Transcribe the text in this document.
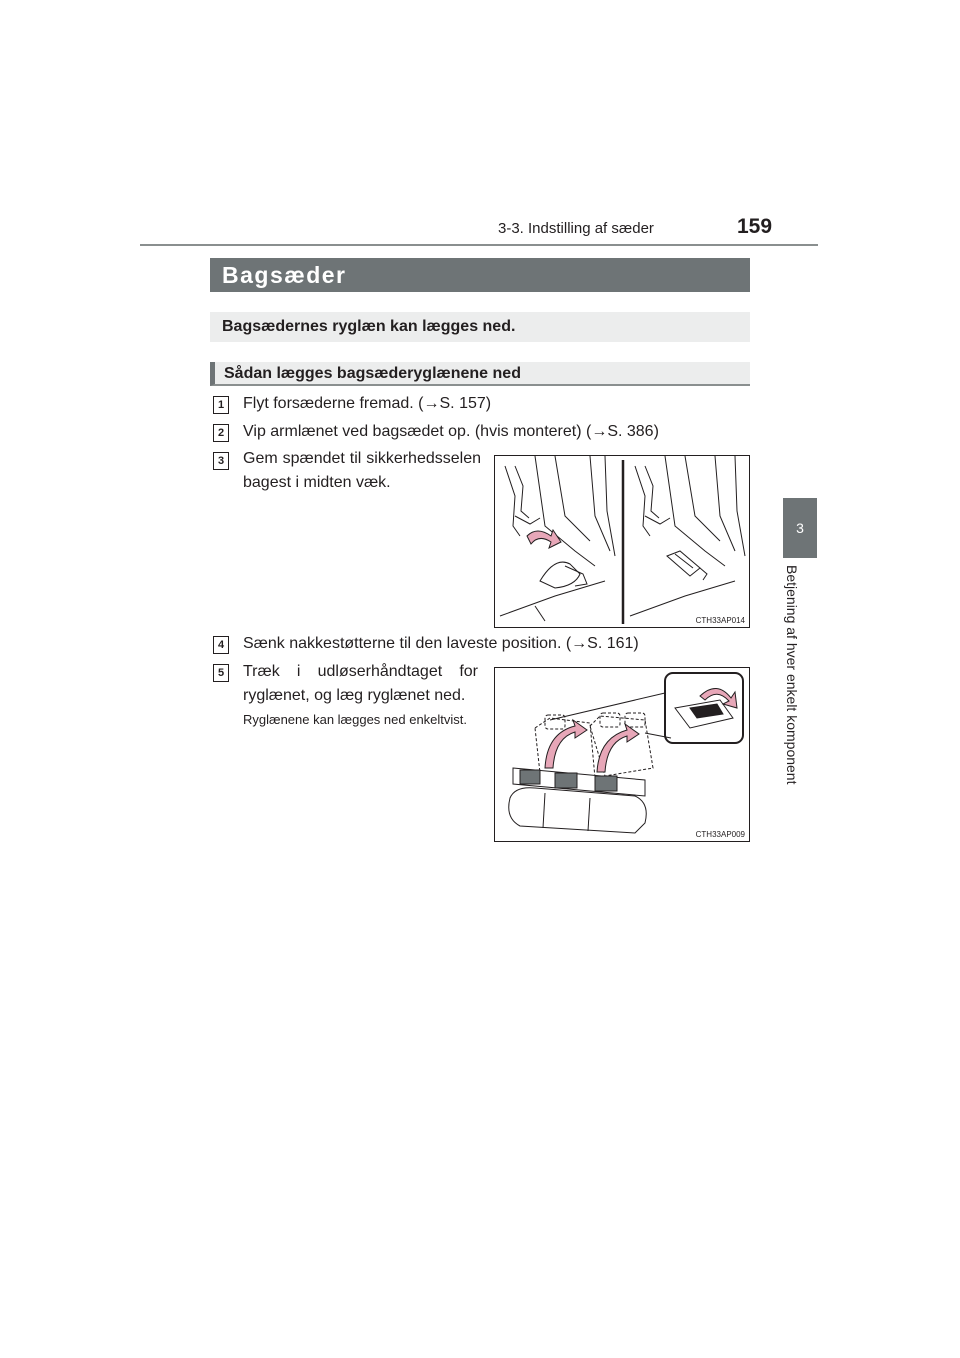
3-3. Indstilling af sæder	159
3
Betjening af hver enkelt komponent
Bagsæder
Bagsædernes ryglæn kan lægges ned.
Sådan lægges bagsæderyglænene ned
1	Flyt forsæderne fremad. (→S. 157)
2	Vip armlænet ved bagsædet op. (hvis monteret) (→S. 386)
3	Gem spændet til sikkerhedsselen bagest i midten væk.
CTH33AP014
4	Sænk nakkestøtterne til den laveste position. (→S. 161)
5	Træk i udløserhåndtaget for ryglænet, og læg ryglænet ned.
Ryglænene kan lægges ned enkeltvist.
CTH33AP009
